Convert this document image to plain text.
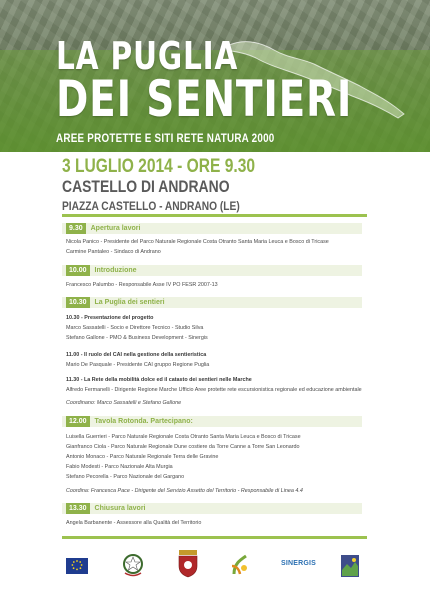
LA PUGLIA
DEI SENTIERI
AREE PROTETTE E SITI RETE NATURA 2000
3 LUGLIO 2014 - ORE 9.30
CASTELLO DI ANDRANO
PIAZZA CASTELLO - ANDRANO (LE)
9.30	Apertura lavori
Nicola Panico - Presidente del Parco Naturale Regionale Costa Otranto Santa Maria Leuca e Bosco di Tricase
Carmine Pantaleo - Sindaco di Andrano
10.00	Introduzione
Francesco Palumbo - Responsabile Asse IV PO FESR 2007-13
10.30	La Puglia dei sentieri
10.30 - Presentazione del progetto
Marco Sassatelli - Socio e Direttore Tecnico - Studio Silva
Stefano Gallone - PMO & Business Development - Sinergis
11.00 - Il ruolo del CAI nella gestione della sentieristica
Mario De Pasquale - Presidente CAI gruppo Regione Puglia
11.30 - La Rete della mobilità dolce ed il catasto dei sentieri nelle Marche
Alfredo Fermanelli - Dirigente Regione Marche Ufficio Aree protette rete escursionistica regionale ed educazione ambientale
Coordinano: Marco Sassatelli e Stefano Gallone
12.00	Tavola Rotonda. Partecipano:
Luisella Guerrieri - Parco Naturale Regionale Costa Otranto Santa Maria Leuca e Bosco di Tricase
Gianfranco Ciola - Parco Naturale Regionale Dune costiere da Torre Canne a Torre San Leonardo
Antonio Monaco - Parco Naturale Regionale Terra delle Gravine
Fabio Modesti - Parco Nazionale Alta Murgia
Stefano Pecorella - Parco Nazionale del Gargano
Coordina: Francesca Pace - Dirigente del Servizio Assetto del Territorio - Responsabile di Linea 4.4
13.30	Chiusura lavori
Angela Barbanente - Assessore alla Qualità del Territorio
SINERGIS
